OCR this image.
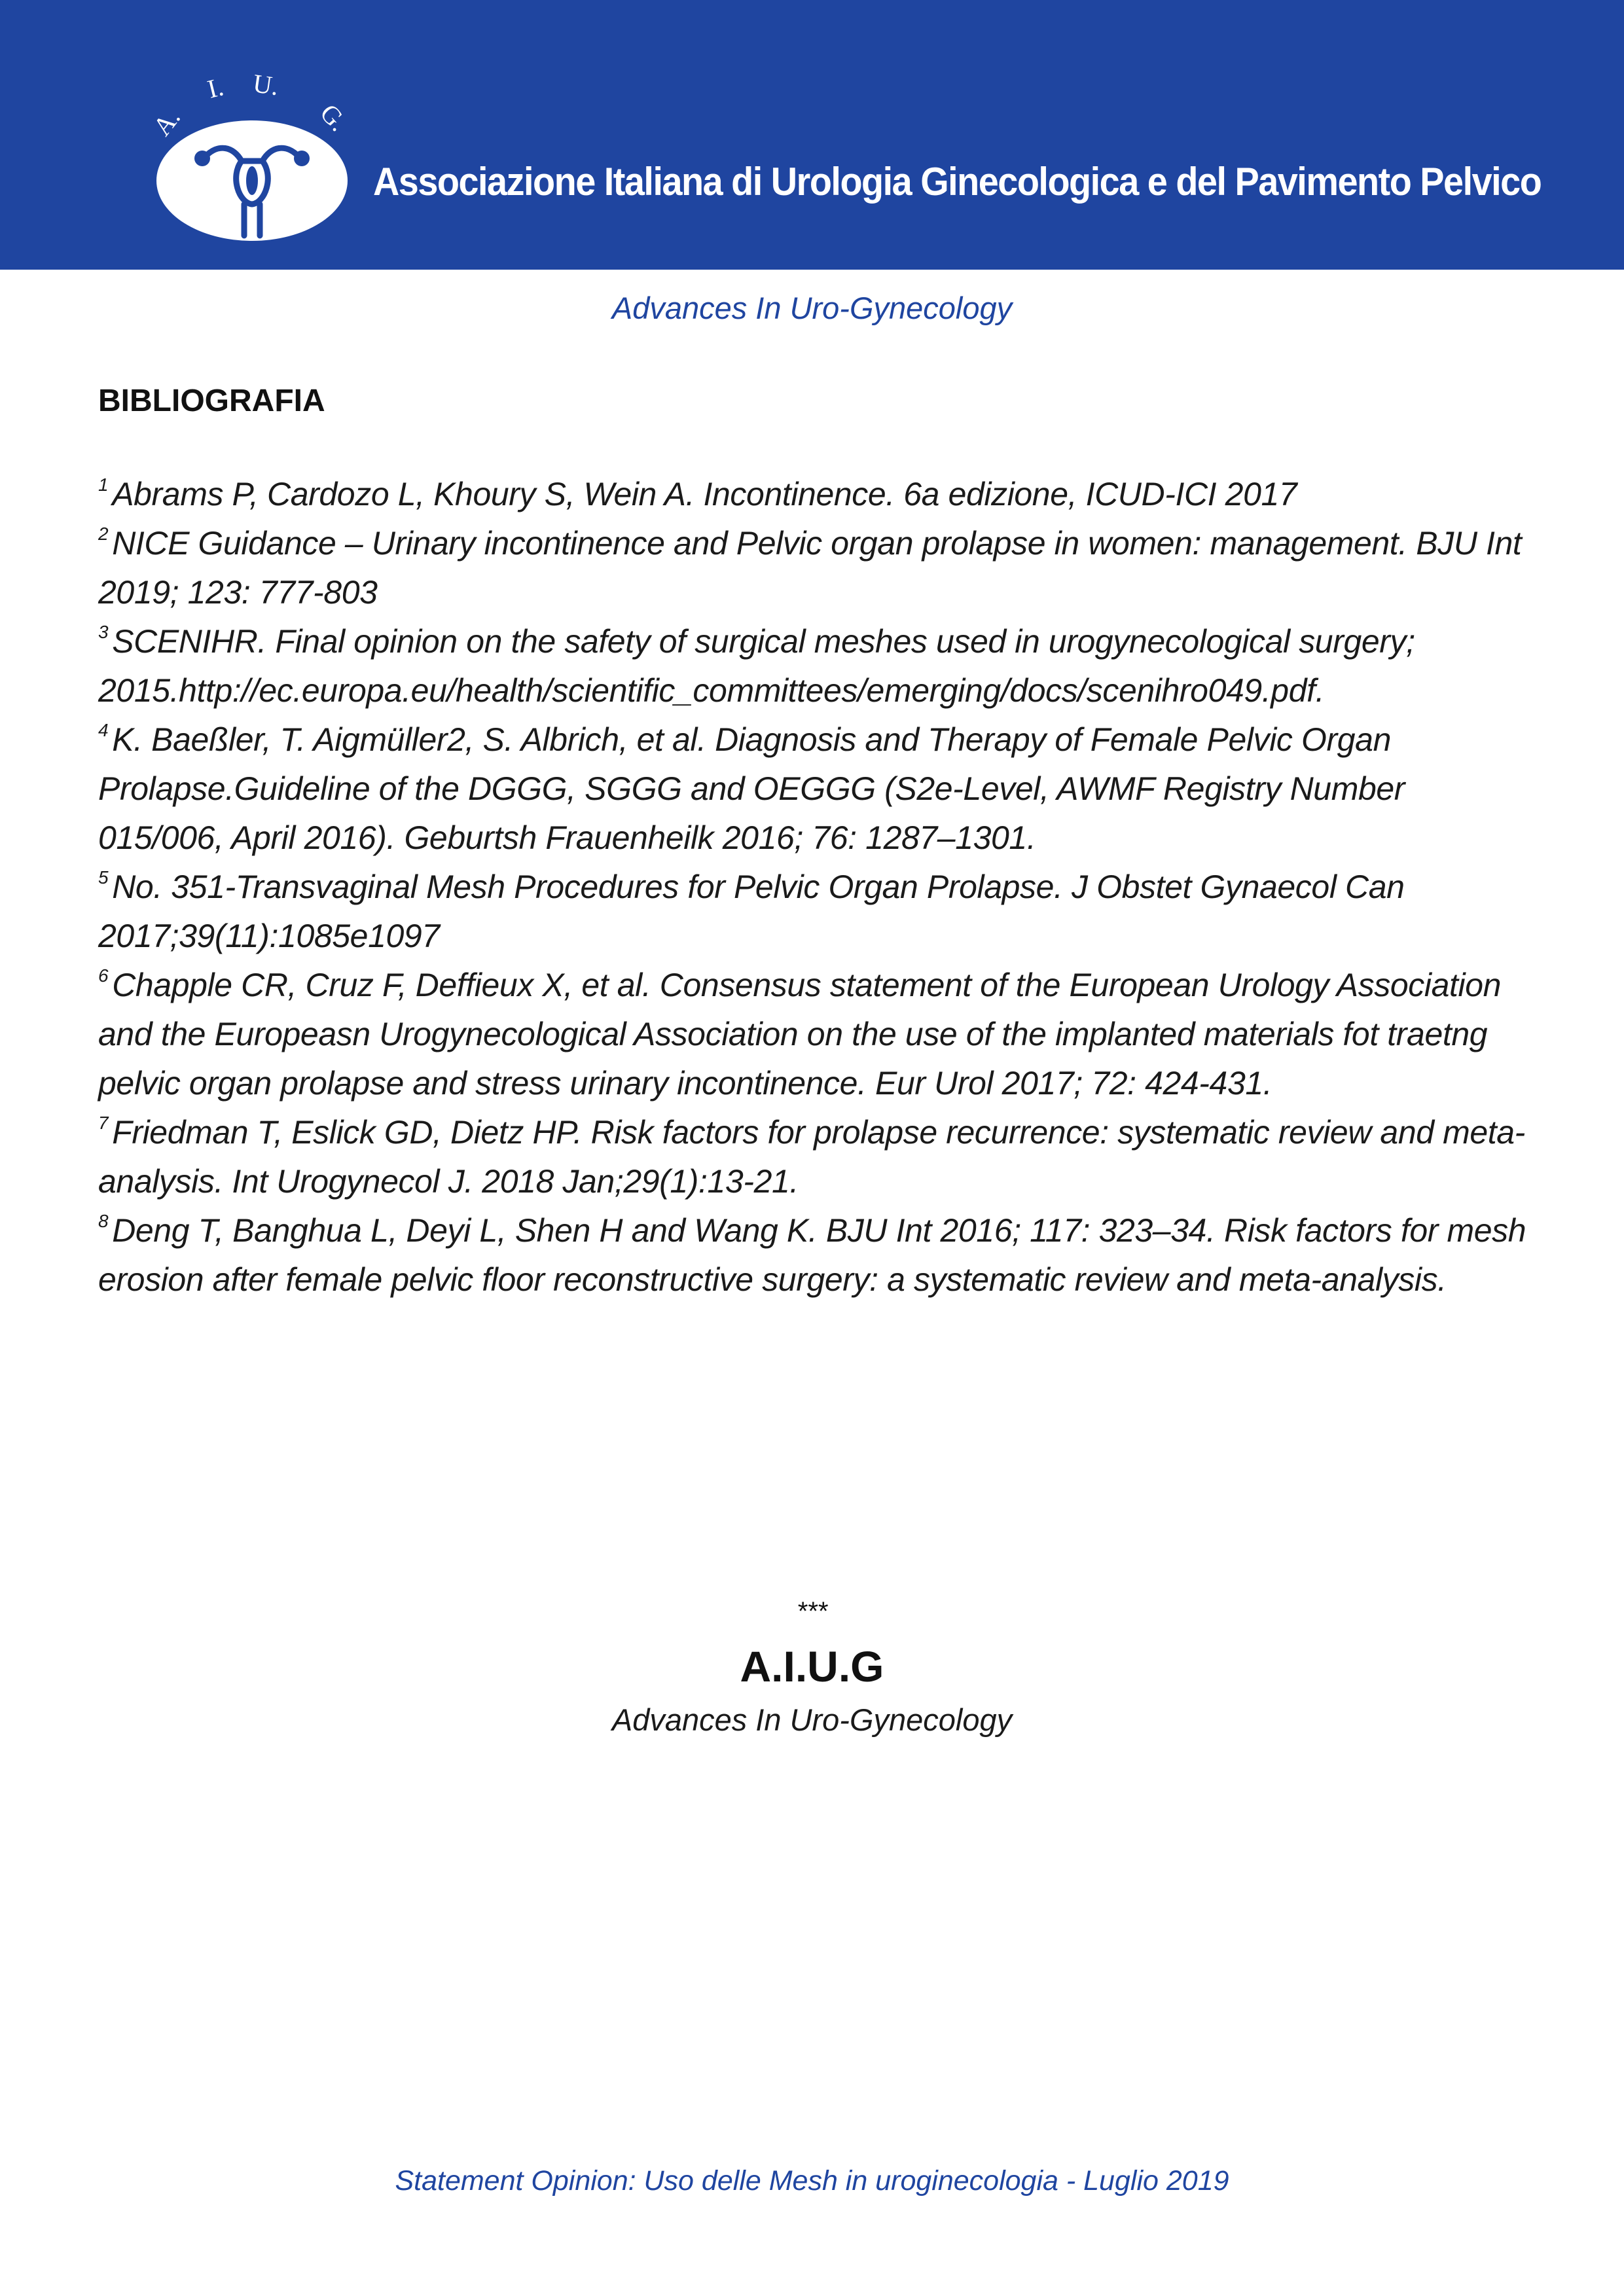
A.
I. U.
G.
Associazione Italiana di Urologia Ginecologica e del Pavimento Pelvico
Advances In Uro-Gynecology
BIBLIOGRAFIA

$^1$ Abrams P, Cardozo L, Khoury S, Wein A. Incontinence. 6a edizione, ICUD-ICI 2017

$^2$ NICE Guidance – Urinary incontinence and Pelvic organ prolapse in women: management. BJU Int 2019; 123: 777-803

$^3$ SCENIHR. Final opinion on the safety of surgical meshes used in urogynecological surgery; 2015.http://ec.europa.eu/health/scientific_committees/emerging/docs/scenihro049.pdf.

$^4$ K. Baeßler, T. Aigmüller2, S. Albrich, et al. Diagnosis and Therapy of Female Pelvic Organ Prolapse.Guideline of the DGGG, SGGG and OEGGG (S2e-Level, AWMF Registry Number 015/006, April 2016). Geburtsh Frauenheilk 2016; 76: 1287–1301.

$^5$ No. 351-Transvaginal Mesh Procedures for Pelvic Organ Prolapse. J Obstet Gynaecol Can 2017;39(11):1085e1097

$^6$ Chapple CR, Cruz F, Deffieux X, et al. Consensus statement of the European Urology Association and the Europeasn Urogynecological Association on the use of the implanted materials fot traetng pelvic organ prolapse and stress urinary incontinence. Eur Urol 2017; 72: 424-431.

$^7$ Friedman T, Eslick GD, Dietz HP. Risk factors for prolapse recurrence: systematic review and meta-analysis. Int Urogynecol J. 2018 Jan;29(1):13-21.

$^8$ Deng T, Banghua L, Deyi L, Shen H and Wang K. BJU Int 2016; 117: 323–34. Risk factors for mesh erosion after female pelvic floor reconstructive surgery: a systematic review and meta-analysis.

***
A.I.U.G
Advances In Uro-Gynecology
Statement Opinion: Uso delle Mesh in uroginecologia - Luglio 2019
